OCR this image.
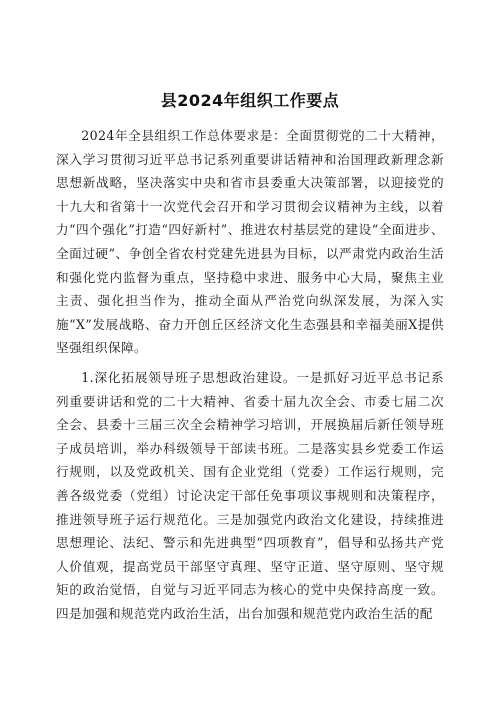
县2024年组织工作要点

2024年全县组织工作总体要求是：全面贯彻党的二十大精神，深入学习贯彻习近平总书记系列重要讲话精神和治国理政新理念新思想新战略，坚决落实中央和省市县委重大决策部署，以迎接党的十九大和省第十一次党代会召开和学习贯彻会议精神为主线，以着力“四个强化”打造“四好新村”、推进农村基层党的建设“全面进步、全面过硬”、争创全省农村党建先进县为目标，以严肃党内政治生活和强化党内监督为重点，坚持稳中求进、服务中心大局，聚焦主业主责、强化担当作为，推动全面从严治党向纵深发展，为深入实施“X”发展战略、奋力开创丘区经济文化生态强县和幸福美丽X提供坚强组织保障。

1.深化拓展领导班子思想政治建设。一是抓好习近平总书记系列重要讲话和党的二十大精神、省委十届九次全会、市委七届二次全会、县委十三届三次全会精神学习培训，开展换届后新任领导班子成员培训，举办科级领导干部读书班。二是落实县乡党委工作运行规则，以及党政机关、国有企业党组（党委）工作运行规则，完善各级党委（党组）讨论决定干部任免事项议事规则和决策程序，推进领导班子运行规范化。三是加强党内政治文化建设，持续推进思想理论、法纪、警示和先进典型“四项教育”，倡导和弘扬共产党人价值观，提高党员干部坚守真理、坚守正道、坚守原则、坚守规矩的政治觉悟，自觉与习近平同志为核心的党中央保持高度一致。四是加强和规范党内政治生活，出台加强和规范党内政治生活的配
